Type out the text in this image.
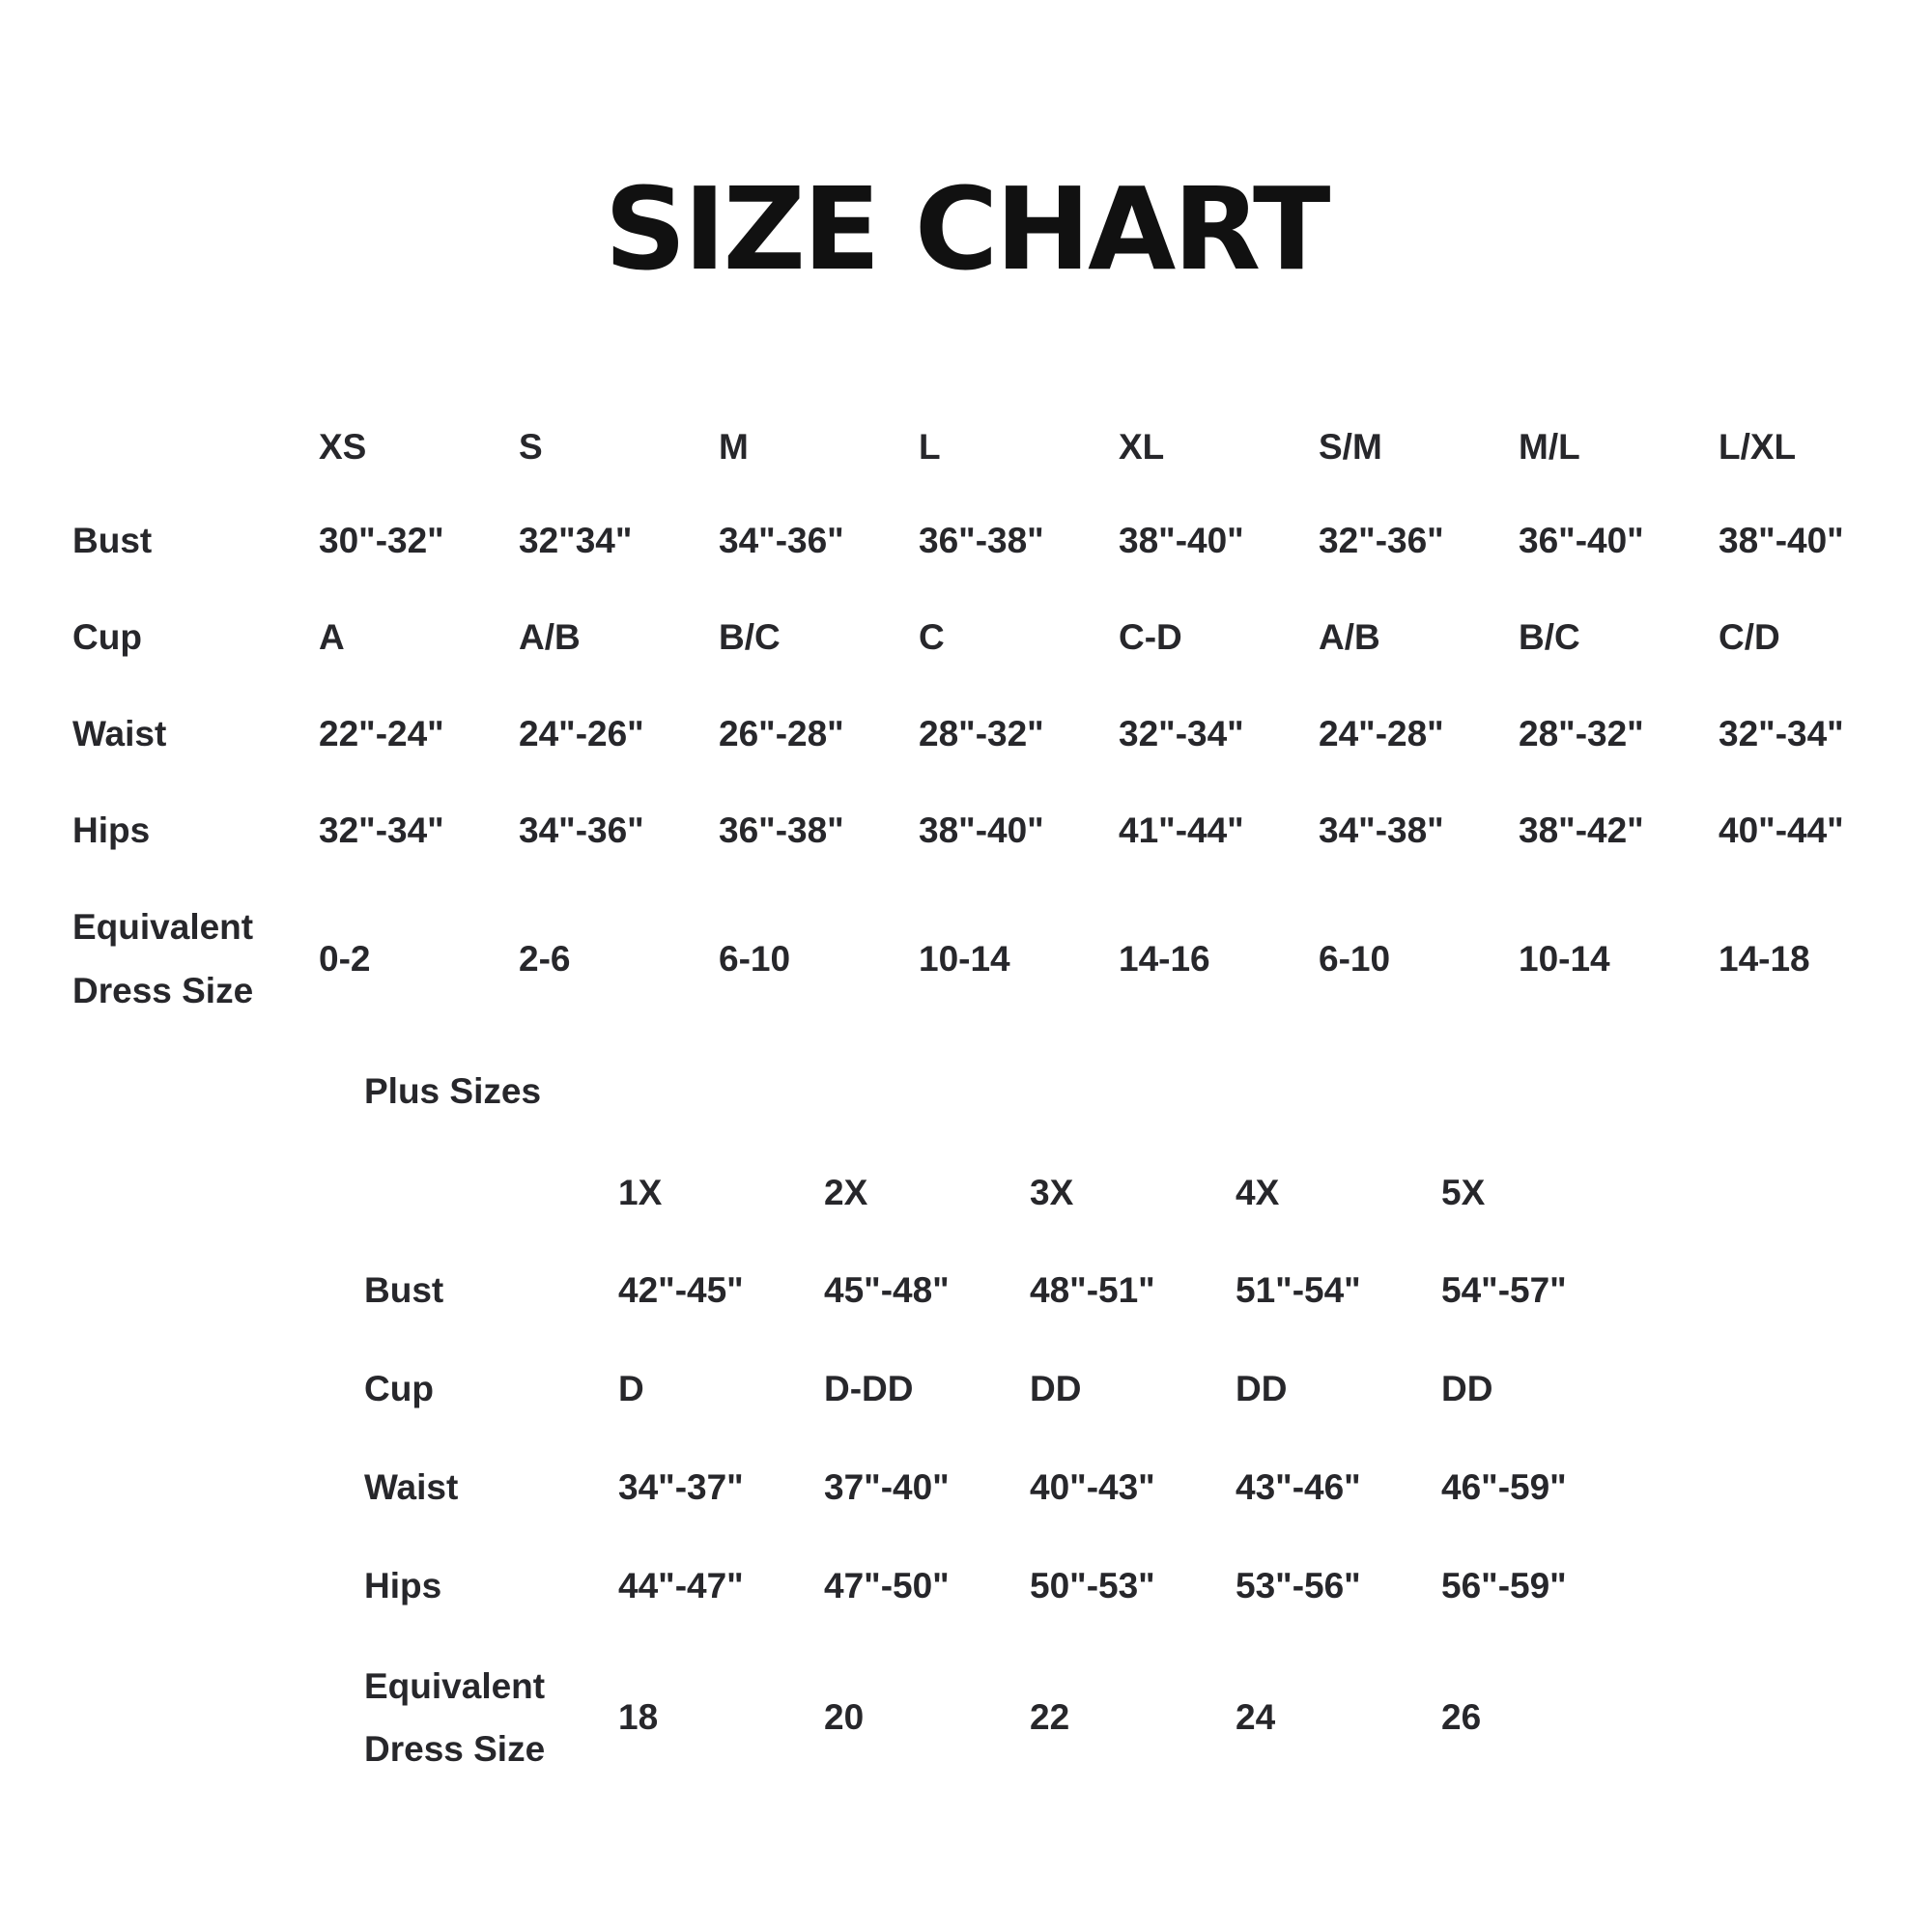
SIZE CHART
XS	S	M	L	XL	S/M	M/L	L/XL
Bust	30"-32"	32"34"	34"-36"	36"-38"	38"-40"	32"-36"	36"-40"	38"-40"
Cup	A	A/B	B/C	C	C-D	A/B	B/C	C/D
Waist	22"-24"	24"-26"	26"-28"	28"-32"	32"-34"	24"-28"	28"-32"	32"-34"
Hips	32"-34"	34"-36"	36"-38"	38"-40"	41"-44"	34"-38"	38"-42"	40"-44"
Equivalent
Dress Size
0-2	2-6	6-10	10-14	14-16	6-10	10-14	14-18
Plus Sizes
1X	2X	3X	4X	5X
Bust	42"-45"	45"-48"	48"-51"	51"-54"	54"-57"
Cup	D	D-DD	DD	DD	DD
Waist	34"-37"	37"-40"	40"-43"	43"-46"	46"-59"
Hips	44"-47"	47"-50"	50"-53"	53"-56"	56"-59"
Equivalent
Dress Size
18	20	22	24	26
